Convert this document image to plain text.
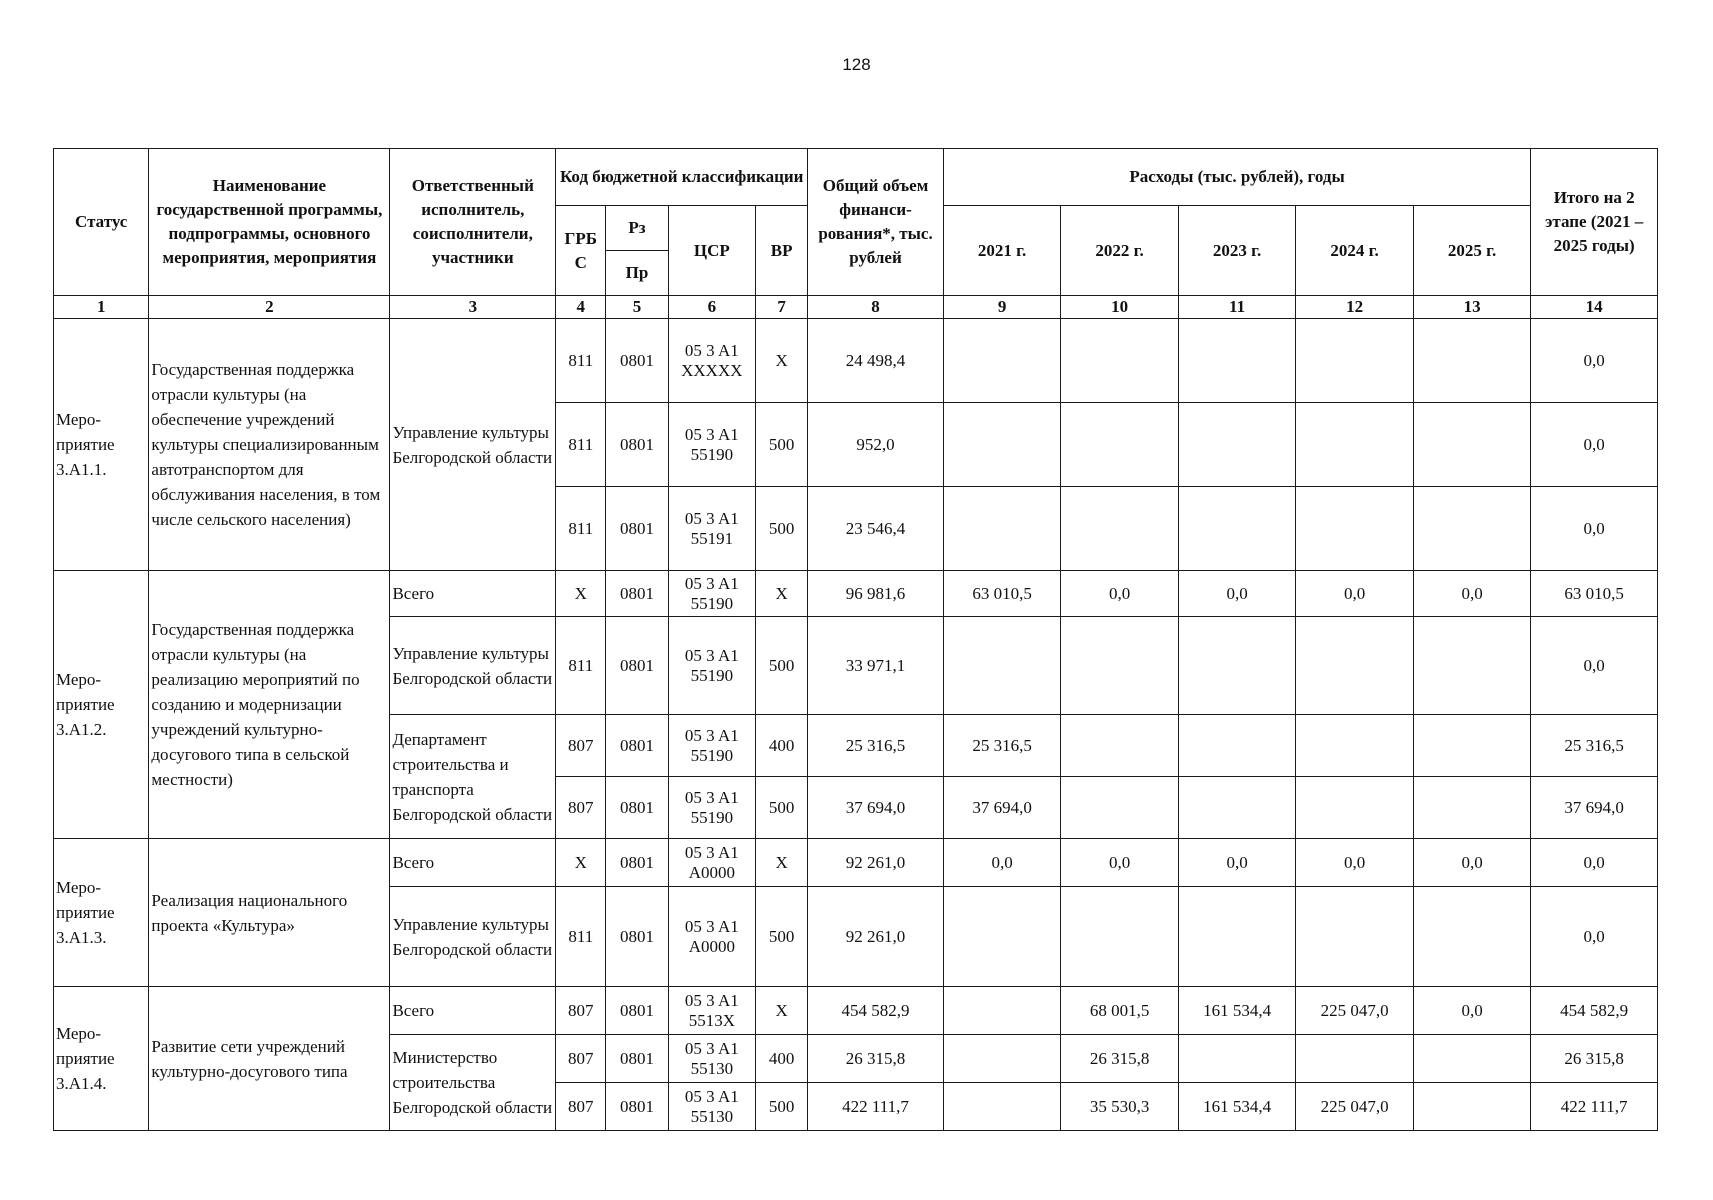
128
Статус	Наименование государственной программы, подпрограммы, основного мероприятия, мероприятия	Ответственный исполнитель, соисполнители, участники	Код бюджетной классификации				Общий объем финанси-рования*, тыс. рублей	Расходы (тыс. рублей), годы					Итого на 2 этапе (2021 – 2025 годы)
			ГРБ С	Рз	ЦСР	ВР		2021 г.	2022 г.	2023 г.	2024 г.	2025 г.	
				Пр									
1	2	3	4	5	6	7	8	9	10	11	12	13	14
Меро-приятие 3.А1.1.	Государственная поддержка отрасли культуры (на обеспечение учреждений культуры специализированным автотранспортом для обслуживания населения, в том числе сельского населения)	Управление культуры Белгородской области	811	0801	05 3 A1 XXXXX	X	24 498,4						0,0
			811	0801	05 3 A1 55190	500	952,0						0,0
			811	0801	05 3 A1 55191	500	23 546,4						0,0
Меро-приятие 3.А1.2.	Государственная поддержка отрасли культуры (на реализацию мероприятий по созданию и модернизации учреждений культурно-досугового типа в сельской местности)	Всего	X	0801	05 3 A1 55190	X	96 981,6	63 010,5	0,0	0,0	0,0	0,0	63 010,5
		Управление культуры Белгородской области	811	0801	05 3 A1 55190	500	33 971,1						0,0
		Департамент строительства и транспорта Белгородской области	807	0801	05 3 A1 55190	400	25 316,5	25 316,5					25 316,5
			807	0801	05 3 A1 55190	500	37 694,0	37 694,0					37 694,0
Меро-приятие 3.А1.3.	Реализация национального проекта «Культура»	Всего	X	0801	05 3 A1 A0000	X	92 261,0	0,0	0,0	0,0	0,0	0,0	0,0
		Управление культуры Белгородской области	811	0801	05 3 A1 A0000	500	92 261,0						0,0
Меро-приятие 3.А1.4.	Развитие сети учреждений культурно-досугового типа	Всего	807	0801	05 3 A1 5513X	X	454 582,9		68 001,5	161 534,4	225 047,0	0,0	454 582,9
		Министерство строительства Белгородской области	807	0801	05 3 A1 55130	400	26 315,8		26 315,8				26 315,8
			807	0801	05 3 A1 55130	500	422 111,7		35 530,3	161 534,4	225 047,0		422 111,7
